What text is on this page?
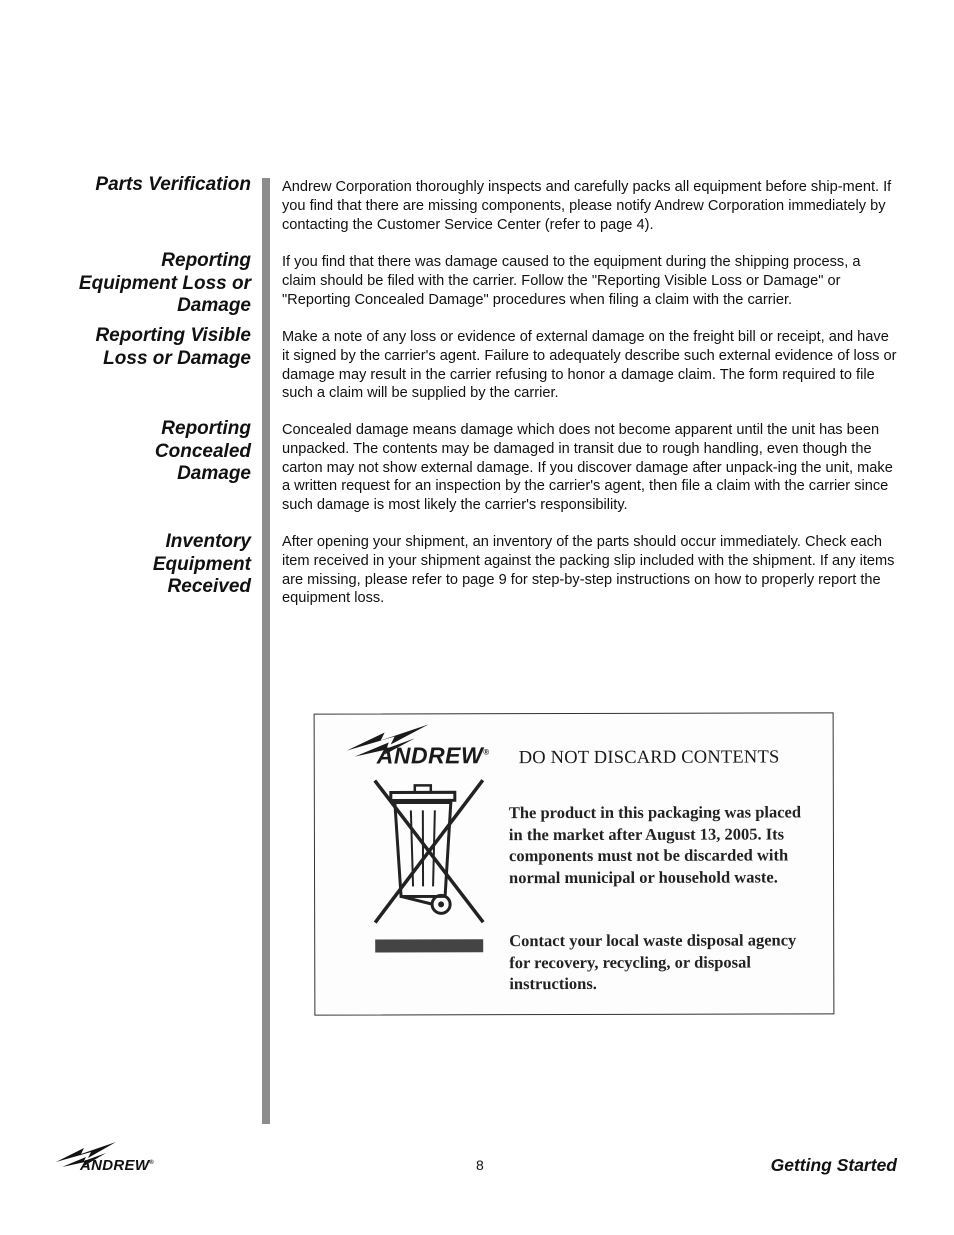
Parts Verification
Reporting
Equipment Loss or
Damage
Reporting Visible
Loss or Damage
Reporting
Concealed
Damage
Inventory
Equipment
Received

Andrew Corporation thoroughly inspects and carefully packs all equipment before ship-ment. If you find that there are missing components, please notify Andrew Corporation immediately by contacting the Customer Service Center (refer to page 4).

If you find that there was damage caused to the equipment during the shipping process, a claim should be filed with the carrier. Follow the "Reporting Visible Loss or Damage" or "Reporting Concealed Damage" procedures when filing a claim with the carrier.

Make a note of any loss or evidence of external damage on the freight bill or receipt, and have it signed by the carrier's agent. Failure to adequately describe such external evidence of loss or damage may result in the carrier refusing to honor a damage claim. The form required to file such a claim will be supplied by the carrier.

Concealed damage means damage which does not become apparent until the unit has been unpacked. The contents may be damaged in transit due to rough handling, even though the carton may not show external damage. If you discover damage after unpack-ing the unit, make a written request for an inspection by the carrier's agent, then file a claim with the carrier since such damage is most likely the carrier's responsibility.

After opening your shipment, an inventory of the parts should occur immediately. Check each item received in your shipment against the packing slip included with the shipment. If any items are missing, please refer to page 9 for step-by-step instructions on how to properly report the equipment loss.

ANDREW® DO NOT DISCARD CONTENTS

The product in this packaging was placed in the market after August 13, 2005. Its components must not be discarded with normal municipal or household waste.

Contact your local waste disposal agency for recovery, recycling, or disposal instructions.

ANDREW®	8	Getting Started
